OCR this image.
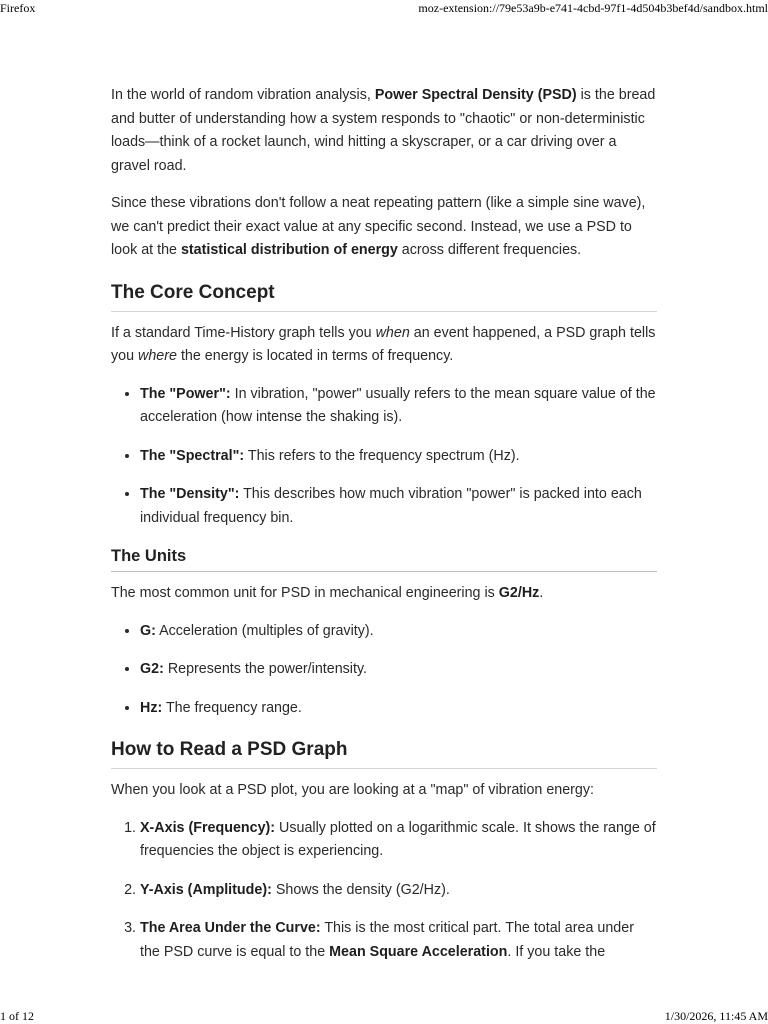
Firefox	moz-extension://79e53a9b-e741-4cbd-97f1-4d504b3bef4d/sandbox.html

In the world of random vibration analysis, Power Spectral Density (PSD) is the bread and butter of understanding how a system responds to "chaotic" or non-deterministic loads—think of a rocket launch, wind hitting a skyscraper, or a car driving over a gravel road.

Since these vibrations don't follow a neat repeating pattern (like a simple sine wave), we can't predict their exact value at any specific second. Instead, we use a PSD to look at the statistical distribution of energy across different frequencies.

The Core Concept

If a standard Time-History graph tells you when an event happened, a PSD graph tells you where the energy is located in terms of frequency.

• The "Power": In vibration, "power" usually refers to the mean square value of the acceleration (how intense the shaking is).
• The "Spectral": This refers to the frequency spectrum (Hz).
• The "Density": This describes how much vibration "power" is packed into each individual frequency bin.
The Units

The most common unit for PSD in mechanical engineering is G2/Hz.

• G: Acceleration (multiples of gravity).
• G2: Represents the power/intensity.
• Hz: The frequency range.
How to Read a PSD Graph

When you look at a PSD plot, you are looking at a "map" of vibration energy:

1. X-Axis (Frequency): Usually plotted on a logarithmic scale. It shows the range of frequencies the object is experiencing.
2. Y-Axis (Amplitude): Shows the density (G2/Hz).
3. The Area Under the Curve: This is the most critical part. The total area under the PSD curve is equal to the Mean Square Acceleration. If you take the
1 of 12	1/30/2026, 11:45 AM
